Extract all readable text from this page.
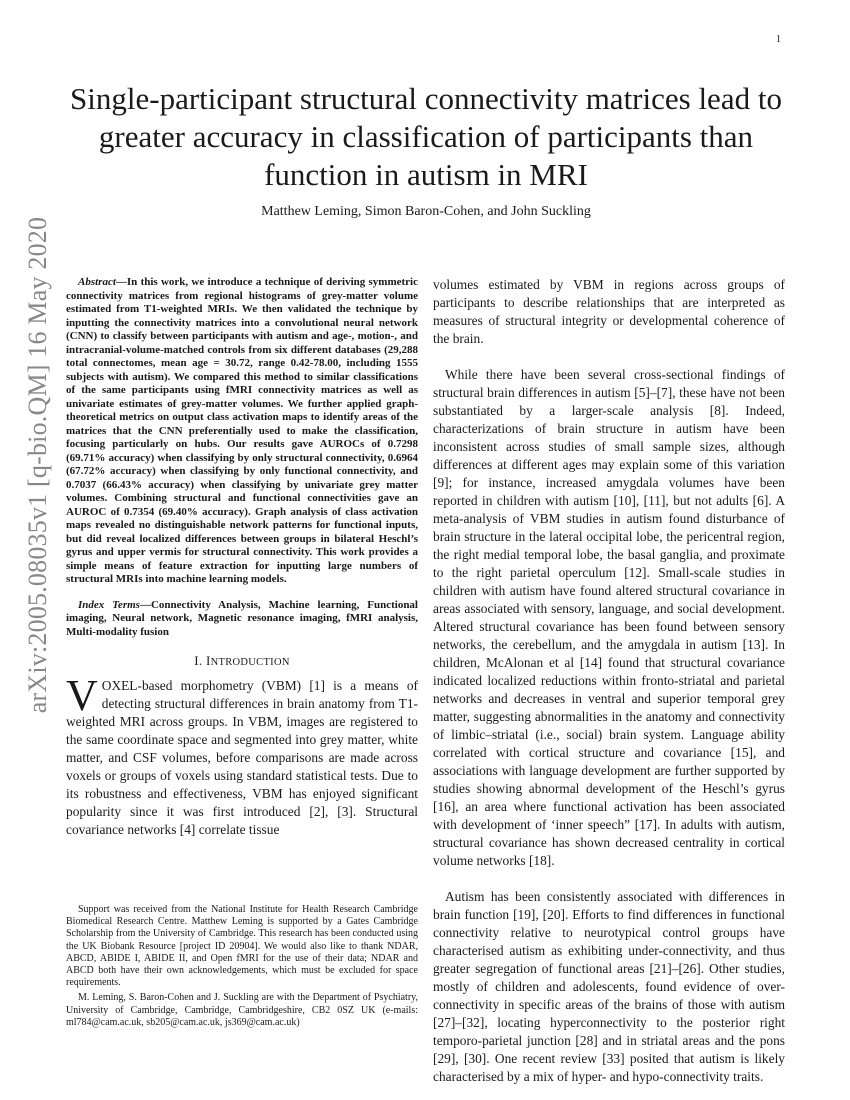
1
arXiv:2005.08035v1 [q-bio.QM] 16 May 2020
Single-participant structural connectivity matrices lead to greater accuracy in classification of participants than function in autism in MRI
Matthew Leming, Simon Baron-Cohen, and John Suckling

Abstract—In this work, we introduce a technique of deriving symmetric connectivity matrices from regional histograms of grey-matter volume estimated from T1-weighted MRIs. We then validated the technique by inputting the connectivity matrices into a convolutional neural network (CNN) to classify between participants with autism and age-, motion-, and intracranial-volume-matched controls from six different databases (29,288 total connectomes, mean age = 30.72, range 0.42-78.00, including 1555 subjects with autism). We compared this method to similar classifications of the same participants using fMRI connectivity matrices as well as univariate estimates of grey-matter volumes. We further applied graph-theoretical metrics on output class activation maps to identify areas of the matrices that the CNN preferentially used to make the classification, focusing particularly on hubs. Our results gave AUROCs of 0.7298 (69.71% accuracy) when classifying by only structural connectivity, 0.6964 (67.72% accuracy) when classifying by only functional connectivity, and 0.7037 (66.43% accuracy) when classifying by univariate grey matter volumes. Combining structural and functional connectivities gave an AUROC of 0.7354 (69.40% accuracy). Graph analysis of class activation maps revealed no distinguishable network patterns for functional inputs, but did reveal localized differences between groups in bilateral Heschl’s gyrus and upper vermis for structural connectivity. This work provides a simple means of feature extraction for inputting large numbers of structural MRIs into machine learning models.

Index Terms—Connectivity Analysis, Machine learning, Functional imaging, Neural network, Magnetic resonance imaging, fMRI analysis, Multi-modality fusion

I. INTRODUCTION

VOXEL-based morphometry (VBM) [1] is a means of detecting structural differences in brain anatomy from T1-weighted MRI across groups. In VBM, images are registered to the same coordinate space and segmented into grey matter, white matter, and CSF volumes, before comparisons are made across voxels or groups of voxels using standard statistical tests. Due to its robustness and effectiveness, VBM has enjoyed significant popularity since it was first introduced [2], [3]. Structural covariance networks [4] correlate tissue

Support was received from the National Institute for Health Research Cambridge Biomedical Research Centre. Matthew Leming is supported by a Gates Cambridge Scholarship from the University of Cambridge. This research has been conducted using the UK Biobank Resource [project ID 20904]. We would also like to thank NDAR, ABCD, ABIDE I, ABIDE II, and Open fMRI for the use of their data; NDAR and ABCD both have their own acknowledgements, which must be excluded for space requirements.

M. Leming, S. Baron-Cohen and J. Suckling are with the Department of Psychiatry, University of Cambridge, Cambridge, Cambridgeshire, CB2 0SZ UK (e-mails: ml784@cam.ac.uk, sb205@cam.ac.uk, js369@cam.ac.uk)

volumes estimated by VBM in regions across groups of participants to describe relationships that are interpreted as measures of structural integrity or developmental coherence of the brain.

While there have been several cross-sectional findings of structural brain differences in autism [5]–[7], these have not been substantiated by a larger-scale analysis [8]. Indeed, characterizations of brain structure in autism have been inconsistent across studies of small sample sizes, although differences at different ages may explain some of this variation [9]; for instance, increased amygdala volumes have been reported in children with autism [10], [11], but not adults [6]. A meta-analysis of VBM studies in autism found disturbance of brain structure in the lateral occipital lobe, the pericentral region, the right medial temporal lobe, the basal ganglia, and proximate to the right parietal operculum [12]. Small-scale studies in children with autism have found altered structural covariance in areas associated with sensory, language, and social development. Altered structural covariance has been found between sensory networks, the cerebellum, and the amygdala in autism [13]. In children, McAlonan et al [14] found that structural covariance indicated localized reductions within fronto-striatal and parietal networks and decreases in ventral and superior temporal grey matter, suggesting abnormalities in the anatomy and connectivity of limbic–striatal (i.e., social) brain system. Language ability correlated with cortical structure and covariance [15], and associations with language development are further supported by studies showing abnormal development of the Heschl’s gyrus [16], an area where functional activation has been associated with development of ‘inner speech” [17]. In adults with autism, structural covariance has shown decreased centrality in cortical volume networks [18].

Autism has been consistently associated with differences in brain function [19], [20]. Efforts to find differences in functional connectivity relative to neurotypical control groups have characterised autism as exhibiting under-connectivity, and thus greater segregation of functional areas [21]–[26]. Other studies, mostly of children and adolescents, found evidence of over-connectivity in specific areas of the brains of those with autism [27]–[32], locating hyperconnectivity to the posterior right temporo-parietal junction [28] and in striatal areas and the pons [29], [30]. One recent review [33] posited that autism is likely characterised by a mix of hyper- and hypo-connectivity traits.
